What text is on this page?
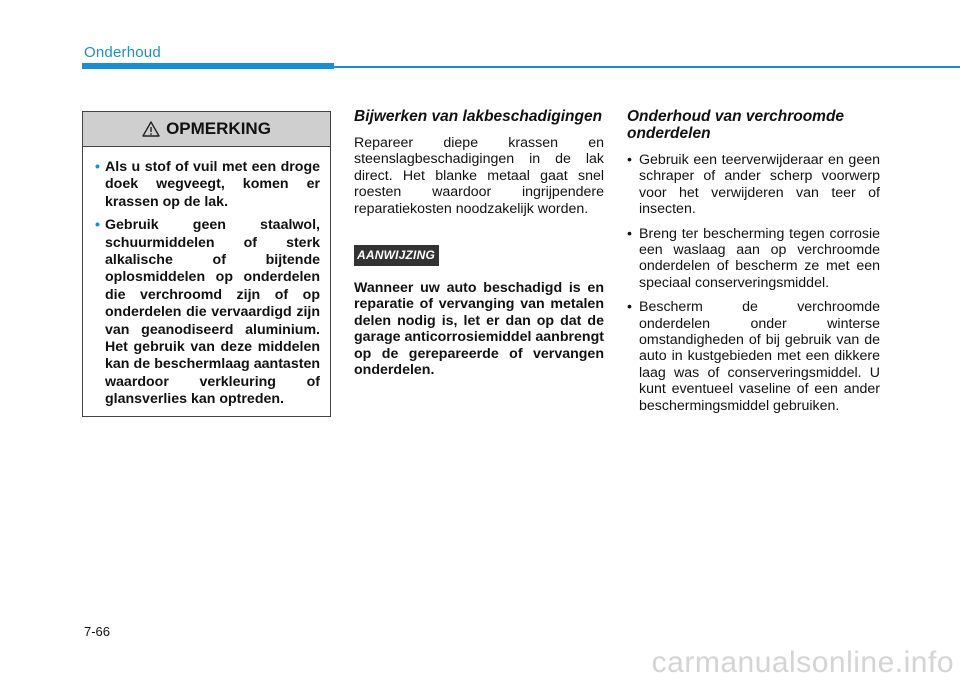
Onderhoud
OPMERKING
• Als u stof of vuil met een droge doek wegveegt, komen er krassen op de lak.
• Gebruik geen staalwol, schuurmiddelen of sterk alkalische of bijtende oplosmiddelen op onderdelen die verchroomd zijn of op onderdelen die vervaardigd zijn van geanodiseerd aluminium. Het gebruik van deze middelen kan de beschermlaag aantasten waardoor verkleuring of glansverlies kan optreden.
Bijwerken van lakbeschadigingen

Repareer diepe krassen en steenslagbeschadigingen in de lak direct. Het blanke metaal gaat snel roesten waardoor ingrijpendere reparatiekosten noodzakelijk worden.

AANWIJZING

Wanneer uw auto beschadigd is en reparatie of vervanging van metalen delen nodig is, let er dan op dat de garage anticorrosiemiddel aanbrengt op de gerepareerde of vervangen onderdelen.

Onderhoud van verchroomde onderdelen
• Gebruik een teerverwijderaar en geen schraper of ander scherp voorwerp voor het verwijderen van teer of insecten.
• Breng ter bescherming tegen corrosie een waslaag aan op verchroomde onderdelen of bescherm ze met een speciaal conserveringsmiddel.
• Bescherm de verchroomde onderdelen onder winterse omstandigheden of bij gebruik van de auto in kustgebieden met een dikkere laag was of conserveringsmiddel. U kunt eventueel vaseline of een ander beschermingsmiddel gebruiken.
7-66
carmanualsonline.info
